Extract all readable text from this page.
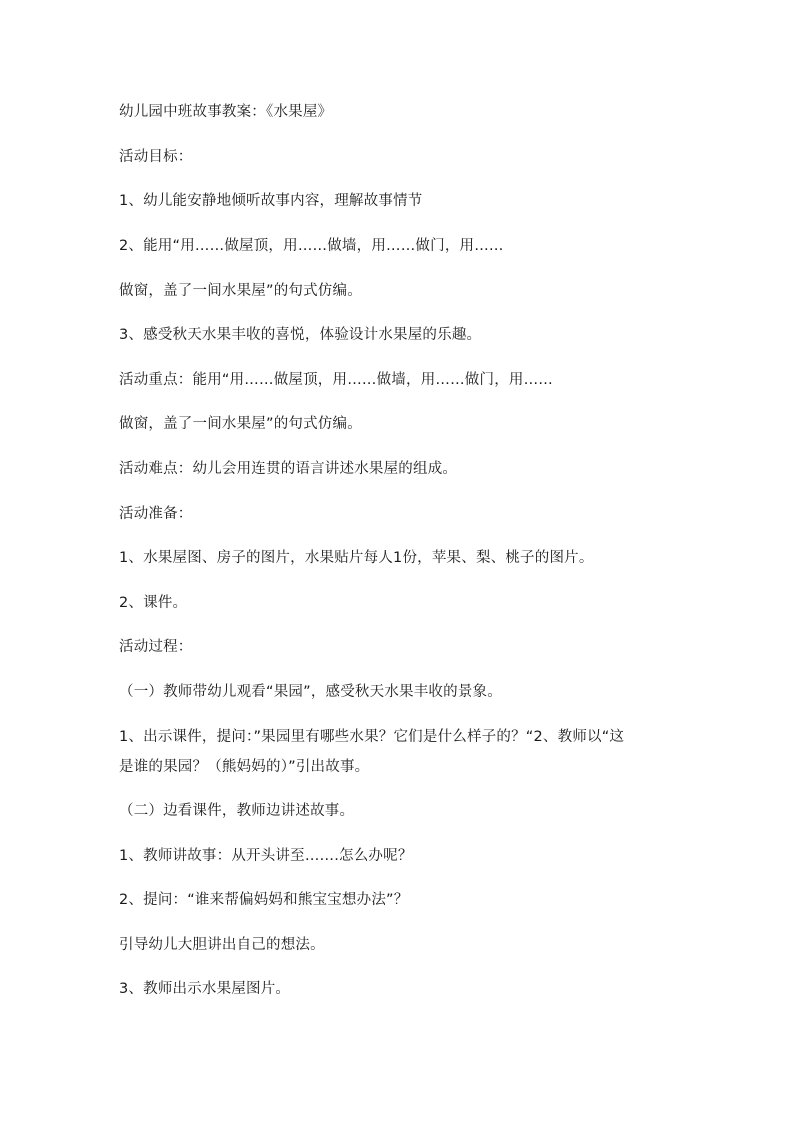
幼儿园中班故事教案：《水果屋》
活动目标：
1、幼儿能安静地倾听故事内容，理解故事情节
2、能用“用……做屋顶，用……做墙，用……做门，用……
做窗，盖了一间水果屋”的句式仿编。
3、感受秋天水果丰收的喜悦，体验设计水果屋的乐趣。
活动重点：能用“用……做屋顶，用……做墙，用……做门，用……
做窗，盖了一间水果屋”的句式仿编。
活动难点：幼儿会用连贯的语言讲述水果屋的组成。
活动准备：
1、水果屋图、房子的图片，水果贴片每人1份，苹果、梨、桃子的图片。
2、课件。
活动过程：
（一）教师带幼儿观看“果园”，感受秋天水果丰收的景象。
1、出示课件，提问：”果园里有哪些水果？它们是什么样子的？“2、教师以“这
是谁的果园？（熊妈妈的）”引出故事。
（二）边看课件，教师边讲述故事。
1、教师讲故事：从开头讲至…….怎么办呢？
2、提问：“谁来帮偏妈妈和熊宝宝想办法”？
引导幼儿大胆讲出自己的想法。
3、教师出示水果屋图片。
